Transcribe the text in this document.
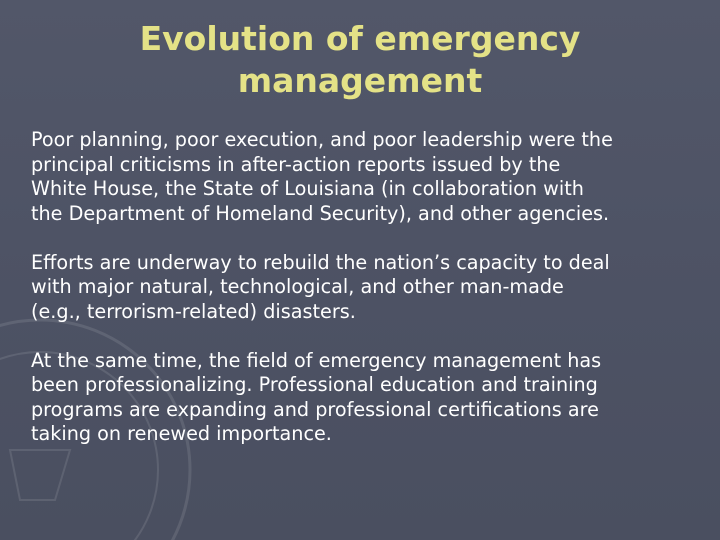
Evolution of emergency
management

Poor planning, poor execution, and poor leadership were the
principal criticisms in after-action reports issued by the
White House, the State of Louisiana (in collaboration with
the Department of Homeland Security), and other agencies.

Efforts are underway to rebuild the nation’s capacity to deal
with major natural, technological, and other man-made
(e.g., terrorism-related) disasters.

At the same time, the field of emergency management has
been professionalizing. Professional education and training
programs are expanding and professional certifications are
taking on renewed importance.
